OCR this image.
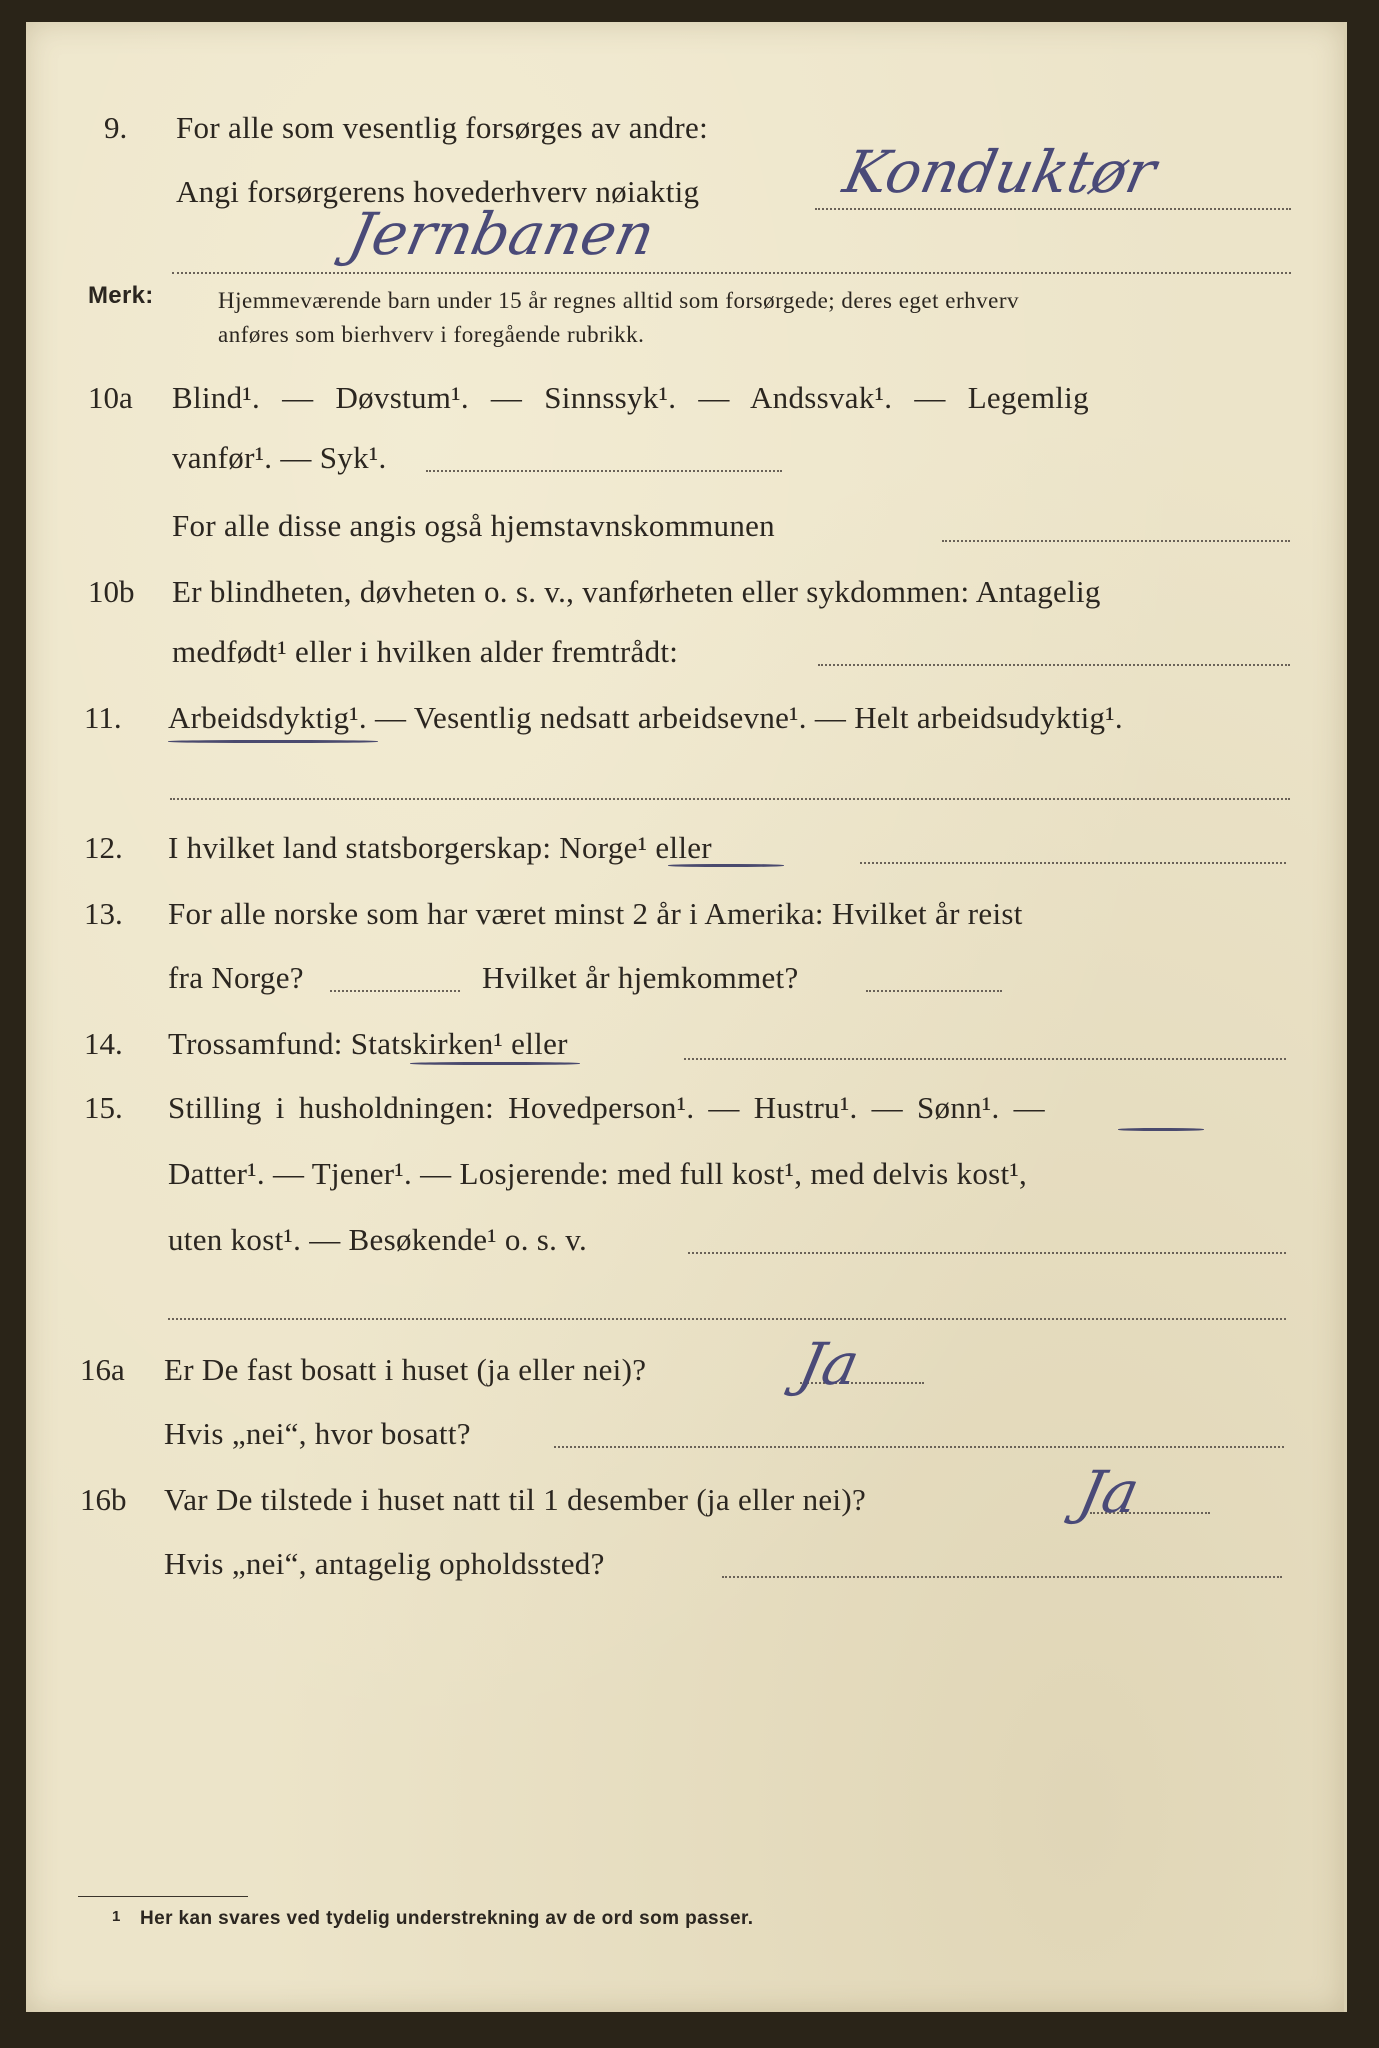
9. For alle som vesentlig forsørges av andre:
Angi forsørgerens hovederhverv nøiaktig Konduktør
Jernbanen
Merk:	Hjemmeværende barn under 15 år regnes alltid som forsørgede; deres eget erhverv
anføres som bierhverv i foregående rubrikk.
10a Blind¹. — Døvstum¹. — Sinnssyk¹. — Andssvak¹. — Legemlig
vanfør¹. — Syk¹.
For alle disse angis også hjemstavnskommunen
10b Er blindheten, døvheten o. s. v., vanførheten eller sykdommen: Antagelig
medfødt¹ eller i hvilken alder fremtrådt:
11. Arbeidsdyktig¹. — Vesentlig nedsatt arbeidsevne¹. — Helt arbeidsudyktig¹.
12. I hvilket land statsborgerskap: Norge¹ eller
13. For alle norske som har været minst 2 år i Amerika: Hvilket år reist
fra Norge?	Hvilket år hjemkommet?
14. Trossamfund: Statskirken¹ eller
15. Stilling i husholdningen: Hovedperson¹. — Hustru¹. — Sønn¹. —
Datter¹. — Tjener¹. — Losjerende: med full kost¹, med delvis kost¹,
uten kost¹. — Besøkende¹ o. s. v.
16a Er De fast bosatt i huset (ja eller nei)?	Ja
Hvis „nei“, hvor bosatt?
16b Var De tilstede i huset natt til 1 desember (ja eller nei)?	Ja
Hvis „nei“, antagelig opholdssted?
1 Her kan svares ved tydelig understrekning av de ord som passer.
